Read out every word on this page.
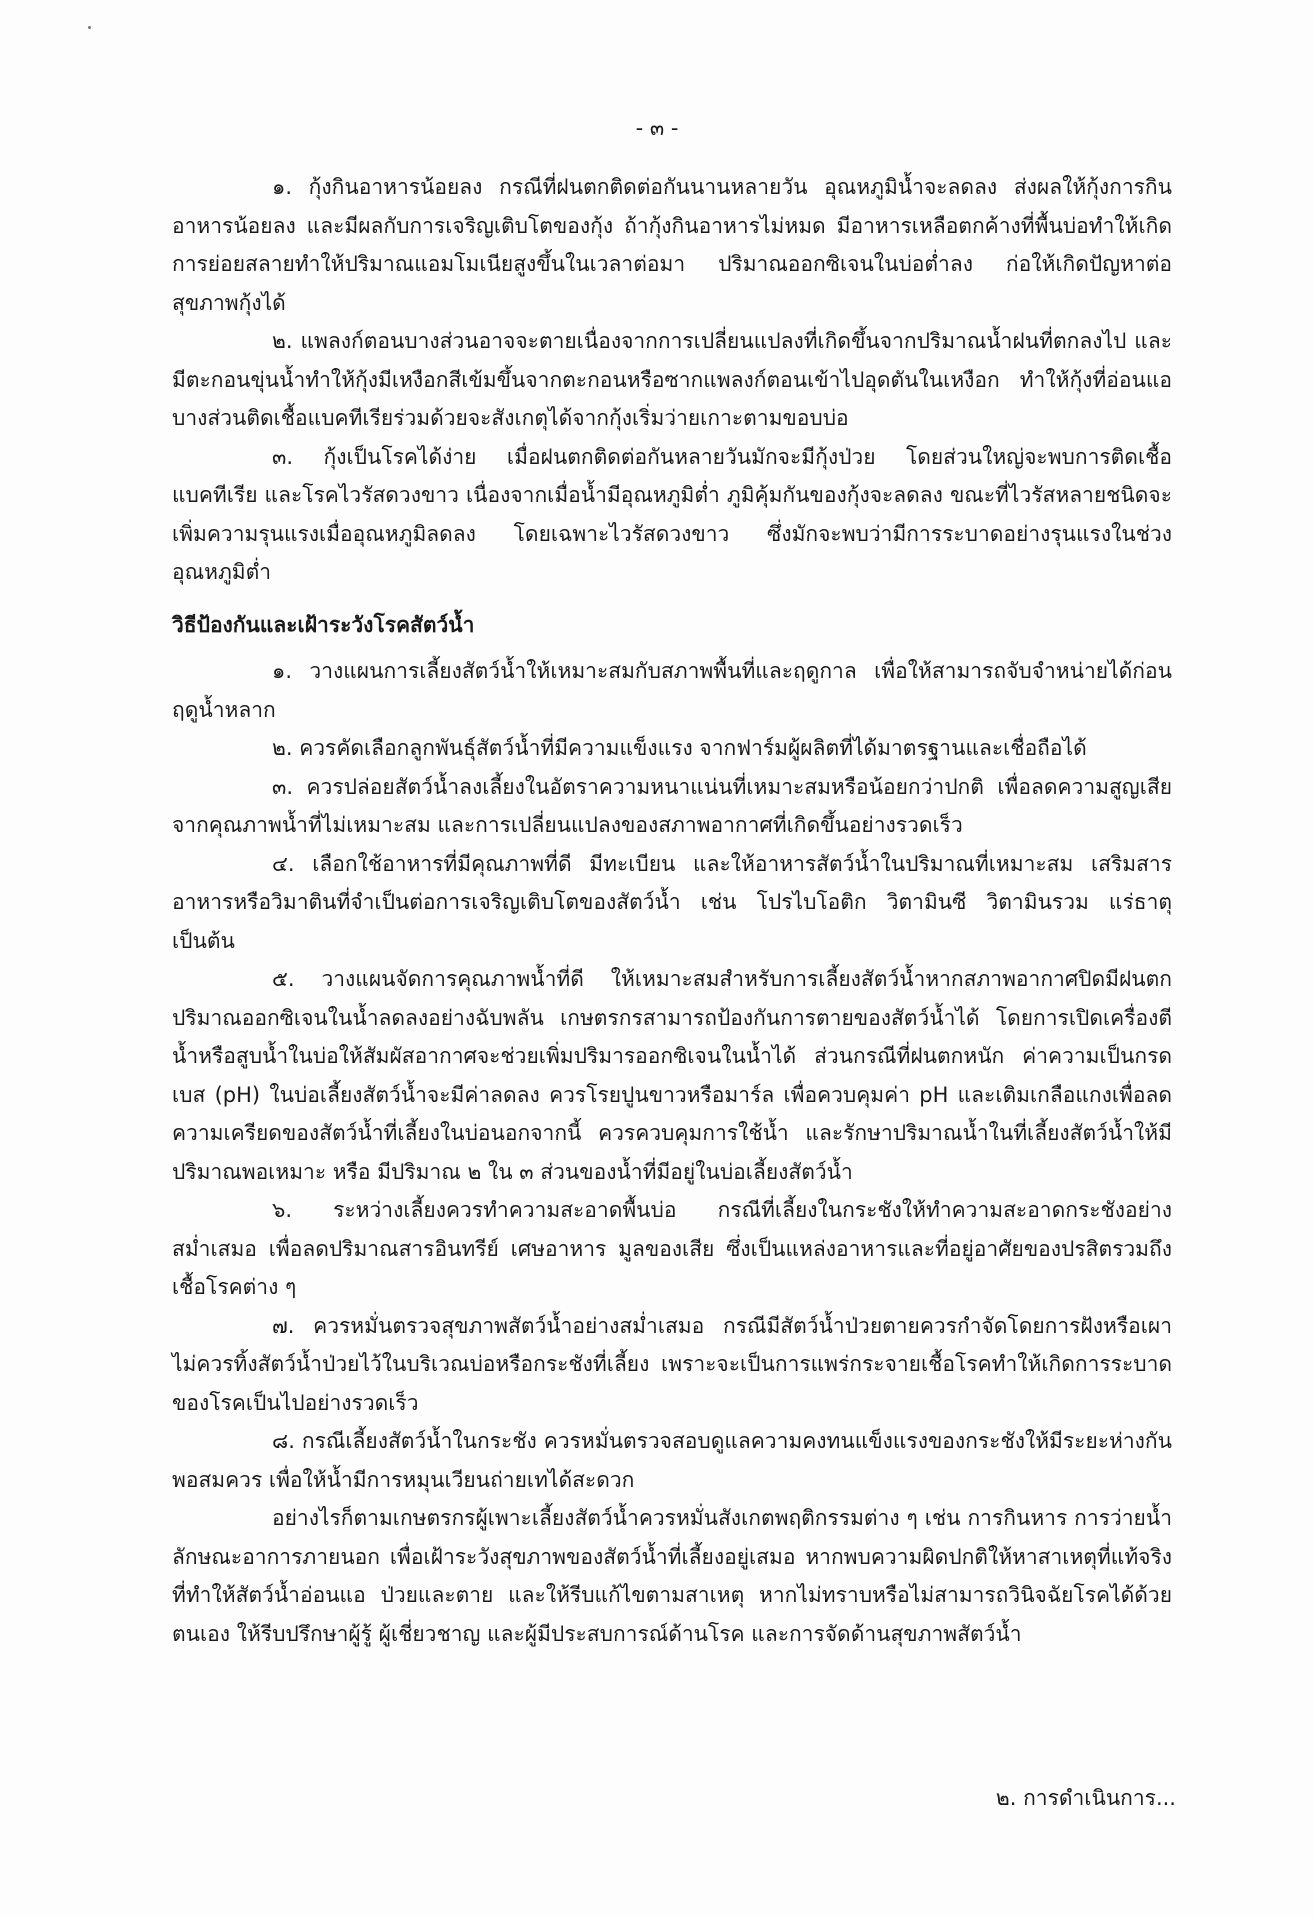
- ๓ -

๑. กุ้งกินอาหารน้อยลง กรณีที่ฝนตกติดต่อกันนานหลายวัน อุณหภูมิน้ำจะลดลง ส่งผลให้กุ้งการกินอาหารน้อยลง และมีผลกับการเจริญเติบโตของกุ้ง ถ้ากุ้งกินอาหารไม่หมด มีอาหารเหลือตกค้างที่พื้นบ่อทำให้เกิดการย่อยสลายทำให้ปริมาณแอมโมเนียสูงขึ้นในเวลาต่อมา ปริมาณออกซิเจนในบ่อต่ำลง ก่อให้เกิดปัญหาต่อสุขภาพกุ้งได้

๒. แพลงก์ตอนบางส่วนอาจจะตายเนื่องจากการเปลี่ยนแปลงที่เกิดขึ้นจากปริมาณน้ำฝนที่ตกลงไป และมีตะกอนขุ่นน้ำทำให้กุ้งมีเหงือกสีเข้มขึ้นจากตะกอนหรือซากแพลงก์ตอนเข้าไปอุดตันในเหงือก ทำให้กุ้งที่อ่อนแอบางส่วนติดเชื้อแบคทีเรียร่วมด้วยจะสังเกตุได้จากกุ้งเริ่มว่ายเกาะตามขอบบ่อ

๓. กุ้งเป็นโรคได้ง่าย เมื่อฝนตกติดต่อกันหลายวันมักจะมีกุ้งป่วย โดยส่วนใหญ่จะพบการติดเชื้อแบคทีเรีย และโรคไวรัสดวงขาว เนื่องจากเมื่อน้ำมีอุณหภูมิต่ำ ภูมิคุ้มกันของกุ้งจะลดลง ขณะที่ไวรัสหลายชนิดจะเพิ่มความรุนแรงเมื่ออุณหภูมิลดลง โดยเฉพาะไวรัสดวงขาว ซึ่งมักจะพบว่ามีการระบาดอย่างรุนแรงในช่วงอุณหภูมิต่ำ

วิธีป้องกันและเฝ้าระวังโรคสัตว์น้ำ

๑. วางแผนการเลี้ยงสัตว์น้ำให้เหมาะสมกับสภาพพื้นที่และฤดูกาล เพื่อให้สามารถจับจำหน่ายได้ก่อนฤดูน้ำหลาก

๒. ควรคัดเลือกลูกพันธุ์สัตว์น้ำที่มีความแข็งแรง จากฟาร์มผู้ผลิตที่ได้มาตรฐานและเชื่อถือได้

๓. ควรปล่อยสัตว์น้ำลงเลี้ยงในอัตราความหนาแน่นที่เหมาะสมหรือน้อยกว่าปกติ เพื่อลดความสูญเสียจากคุณภาพน้ำที่ไม่เหมาะสม และการเปลี่ยนแปลงของสภาพอากาศที่เกิดขึ้นอย่างรวดเร็ว

๔. เลือกใช้อาหารที่มีคุณภาพที่ดี มีทะเบียน และให้อาหารสัตว์น้ำในปริมาณที่เหมาะสม เสริมสารอาหารหรือวิมาตินที่จำเป็นต่อการเจริญเติบโตของสัตว์น้ำ เช่น โปรไบโอติก วิตามินซี วิตามินรวม แร่ธาตุ เป็นต้น

๕. วางแผนจัดการคุณภาพน้ำที่ดี ให้เหมาะสมสำหรับการเลี้ยงสัตว์น้ำหากสภาพอากาศปิดมีฝนตก ปริมาณออกซิเจนในน้ำลดลงอย่างฉับพลัน เกษตรกรสามารถป้องกันการตายของสัตว์น้ำได้ โดยการเปิดเครื่องตีน้ำหรือสูบน้ำในบ่อให้สัมผัสอากาศจะช่วยเพิ่มปริมารออกซิเจนในน้ำได้ ส่วนกรณีที่ฝนตกหนัก ค่าความเป็นกรดเบส (pH) ในบ่อเลี้ยงสัตว์น้ำจะมีค่าลดลง ควรโรยปูนขาวหรือมาร์ล เพื่อควบคุมค่า pH และเติมเกลือแกงเพื่อลดความเครียดของสัตว์น้ำที่เลี้ยงในบ่อนอกจากนี้ ควรควบคุมการใช้น้ำ และรักษาปริมาณน้ำในที่เลี้ยงสัตว์น้ำให้มีปริมาณพอเหมาะ หรือ มีปริมาณ ๒ ใน ๓ ส่วนของน้ำที่มีอยู่ในบ่อเลี้ยงสัตว์น้ำ

๖. ระหว่างเลี้ยงควรทำความสะอาดพื้นบ่อ กรณีที่เลี้ยงในกระชังให้ทำความสะอาดกระชังอย่างสม่ำเสมอ เพื่อลดปริมาณสารอินทรีย์ เศษอาหาร มูลของเสีย ซึ่งเป็นแหล่งอาหารและที่อยู่อาศัยของปรสิตรวมถึงเชื้อโรคต่าง ๆ

๗. ควรหมั่นตรวจสุขภาพสัตว์น้ำอย่างสม่ำเสมอ กรณีมีสัตว์น้ำป่วยตายควรกำจัดโดยการฝังหรือเผา ไม่ควรทิ้งสัตว์น้ำป่วยไว้ในบริเวณบ่อหรือกระชังที่เลี้ยง เพราะจะเป็นการแพร่กระจายเชื้อโรคทำให้เกิดการระบาดของโรคเป็นไปอย่างรวดเร็ว

๘. กรณีเลี้ยงสัตว์น้ำในกระชัง ควรหมั่นตรวจสอบดูแลความคงทนแข็งแรงของกระชังให้มีระยะห่างกันพอสมควร เพื่อให้น้ำมีการหมุนเวียนถ่ายเทได้สะดวก

อย่างไรก็ตามเกษตรกรผู้เพาะเลี้ยงสัตว์น้ำควรหมั่นสังเกตพฤติกรรมต่าง ๆ เช่น การกินหาร การว่ายน้ำ ลักษณะอาการภายนอก เพื่อเฝ้าระวังสุขภาพของสัตว์น้ำที่เลี้ยงอยู่เสมอ หากพบความผิดปกติให้หาสาเหตุที่แท้จริงที่ทำให้สัตว์น้ำอ่อนแอ ป่วยและตาย และให้รีบแก้ไขตามสาเหตุ หากไม่ทราบหรือไม่สามารถวินิจฉัยโรคได้ด้วยตนเอง ให้รีบปรึกษาผู้รู้ ผู้เชี่ยวชาญ และผู้มีประสบการณ์ด้านโรค และการจัดด้านสุขภาพสัตว์น้ำ

๒. การดำเนินการ...
